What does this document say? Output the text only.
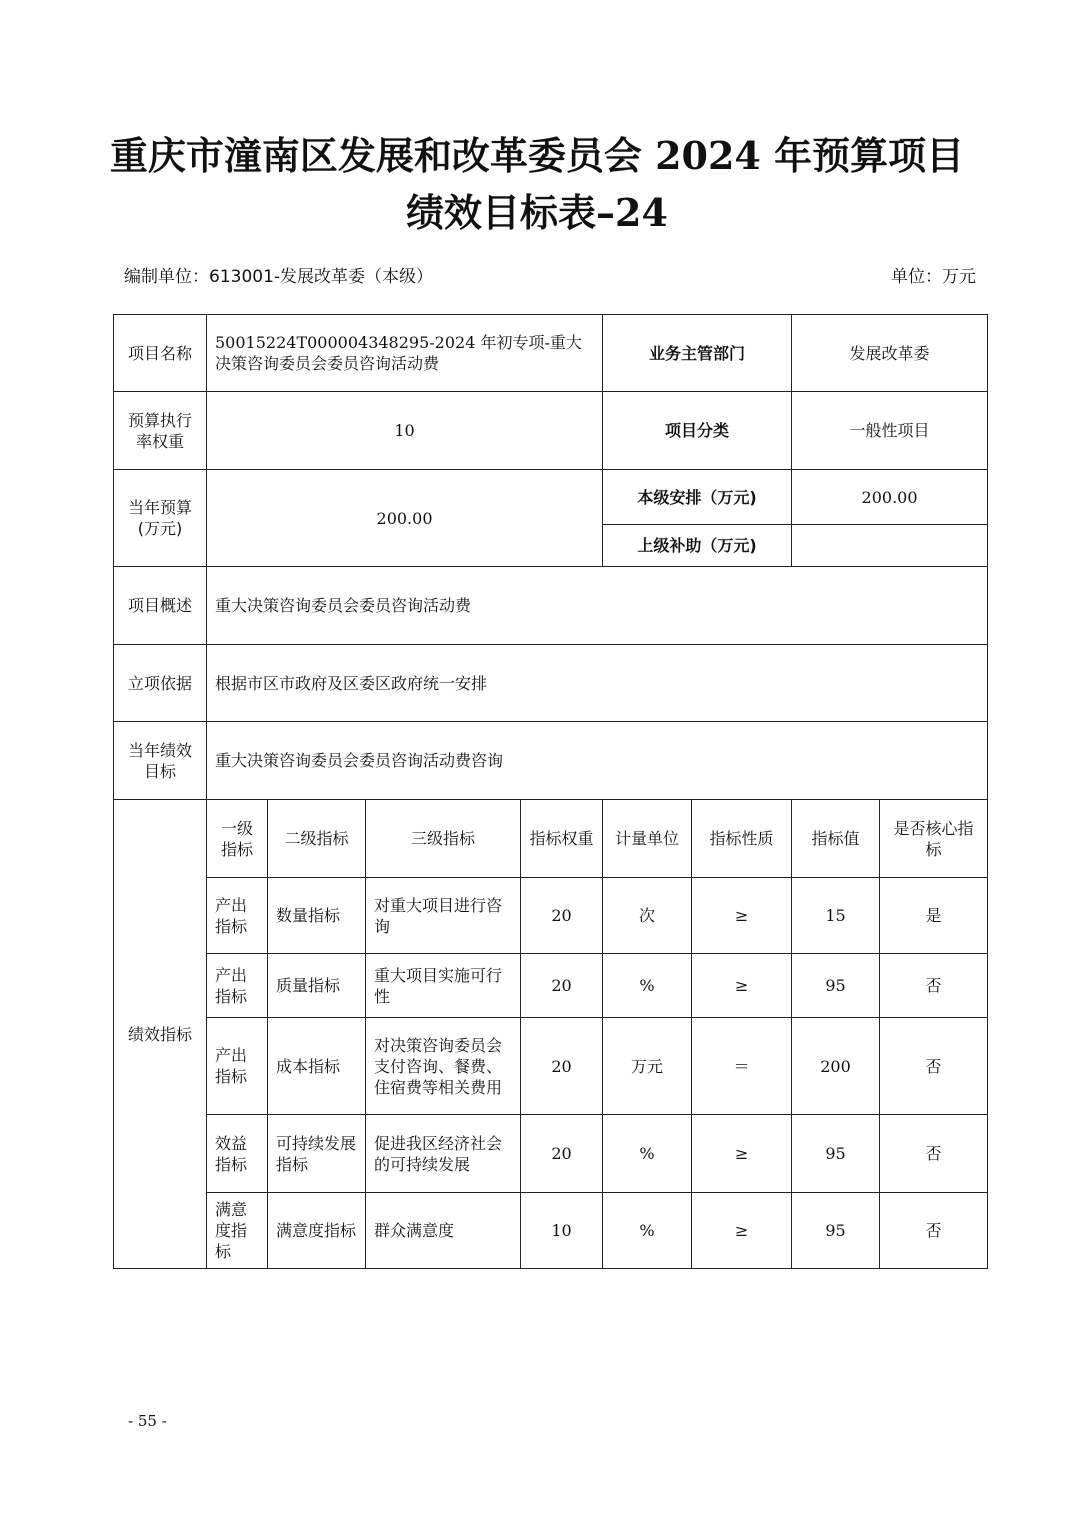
重庆市潼南区发展和改革委员会 2024 年预算项目
绩效目标表–24
编制单位：613001-发展改革委（本级）	单位：万元
项目名称	50015224T000004348295-2024 年初专项-重大决策咨询委员会委员咨询活动费				业务主管部门		发展改革委	
预算执行率权重	10				项目分类		一般性项目	
当年预算(万元)	200.00				本级安排（万元)		200.00	
					上级补助（万元)			
项目概述	重大决策咨询委员会委员咨询活动费							
立项依据	根据市区市政府及区委区政府统一安排							
当年绩效目标	重大决策咨询委员会委员咨询活动费咨询							
绩效指标	一级指标	二级指标	三级指标	指标权重	计量单位	指标性质	指标值	是否核心指标
	产出指标	数量指标	对重大项目进行咨询	20	次	≥	15	是
	产出指标	质量指标	重大项目实施可行性	20	%	≥	95	否
	产出指标	成本指标	对决策咨询委员会支付咨询、餐费、住宿费等相关费用	20	万元	＝	200	否
	效益指标	可持续发展指标	促进我区经济社会的可持续发展	20	%	≥	95	否
	满意度指标	满意度指标	群众满意度	10	%	≥	95	否
- 55 -
